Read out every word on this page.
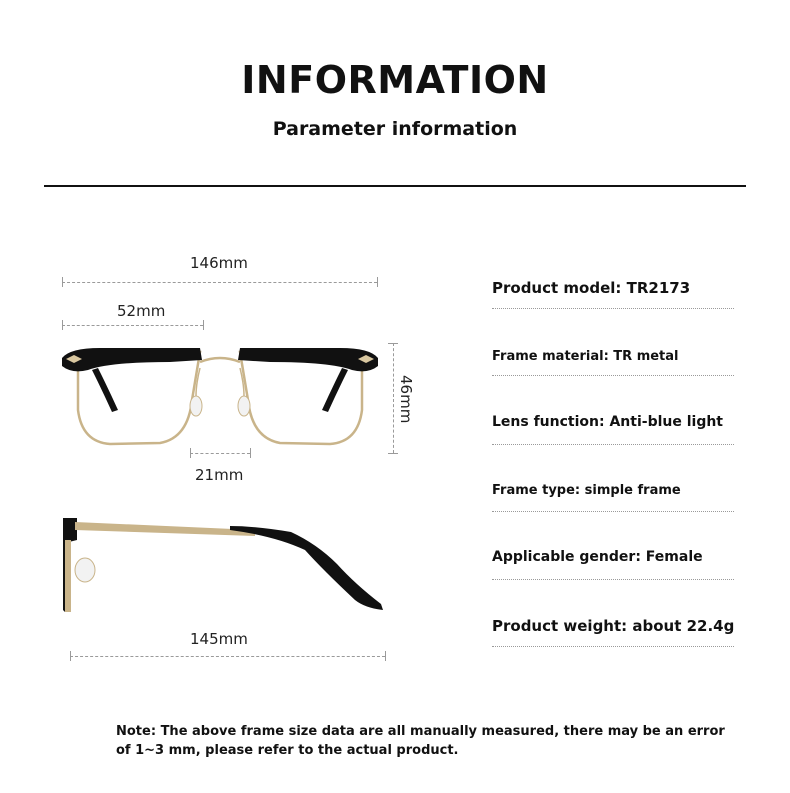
INFORMATION
Parameter information
146mm
52mm
46mm
21mm
145mm
Product model: TR2173
Frame material: TR metal
Lens function: Anti-blue light
Frame type: simple frame
Applicable gender: Female
Product weight: about 22.4g
Note: The above frame size data are all manually measured, there may be an error of 1~3 mm, please refer to the actual product.
